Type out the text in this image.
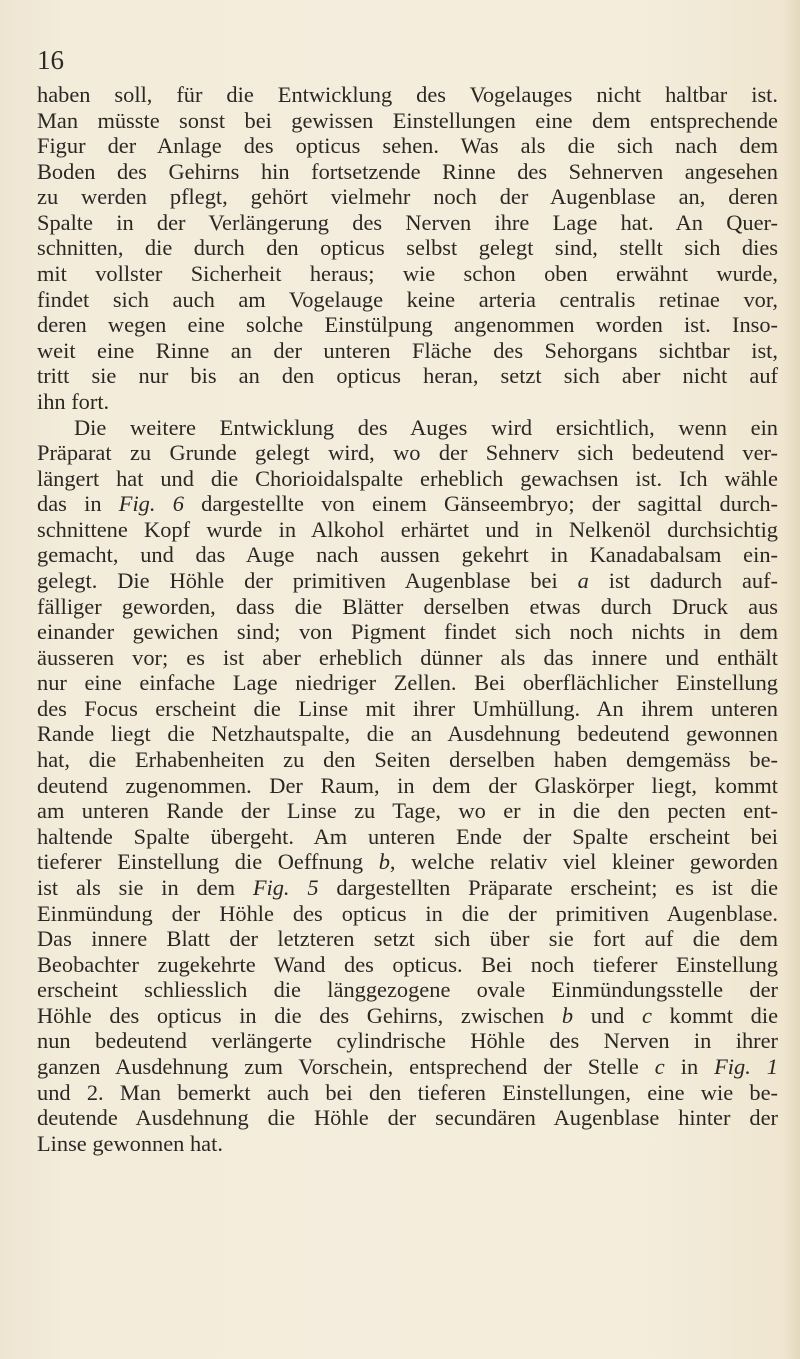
16
haben soll, für die Entwicklung des Vogelauges nicht haltbar ist.
Man müsste sonst bei gewissen Einstellungen eine dem entsprechende
Figur der Anlage des opticus sehen. Was als die sich nach dem
Boden des Gehirns hin fortsetzende Rinne des Sehnerven angesehen
zu werden pflegt, gehört vielmehr noch der Augenblase an, deren
Spalte in der Verlängerung des Nerven ihre Lage hat. An Quer-
schnitten, die durch den opticus selbst gelegt sind, stellt sich dies
mit vollster Sicherheit heraus; wie schon oben erwähnt wurde,
findet sich auch am Vogelauge keine arteria centralis retinae vor,
deren wegen eine solche Einstülpung angenommen worden ist. Inso-
weit eine Rinne an der unteren Fläche des Sehorgans sichtbar ist,
tritt sie nur bis an den opticus heran, setzt sich aber nicht auf
ihn fort.
Die weitere Entwicklung des Auges wird ersichtlich, wenn ein
Präparat zu Grunde gelegt wird, wo der Sehnerv sich bedeutend ver-
längert hat und die Chorioidalspalte erheblich gewachsen ist. Ich wähle
das in Fig. 6 dargestellte von einem Gänseembryo; der sagittal durch-
schnittene Kopf wurde in Alkohol erhärtet und in Nelkenöl durchsichtig
gemacht, und das Auge nach aussen gekehrt in Kanadabalsam ein-
gelegt. Die Höhle der primitiven Augenblase bei a ist dadurch auf-
fälliger geworden, dass die Blätter derselben etwas durch Druck aus
einander gewichen sind; von Pigment findet sich noch nichts in dem
äusseren vor; es ist aber erheblich dünner als das innere und enthält
nur eine einfache Lage niedriger Zellen. Bei oberflächlicher Einstellung
des Focus erscheint die Linse mit ihrer Umhüllung. An ihrem unteren
Rande liegt die Netzhautspalte, die an Ausdehnung bedeutend gewonnen
hat, die Erhabenheiten zu den Seiten derselben haben demgemäss be-
deutend zugenommen. Der Raum, in dem der Glaskörper liegt, kommt
am unteren Rande der Linse zu Tage, wo er in die den pecten ent-
haltende Spalte übergeht. Am unteren Ende der Spalte erscheint bei
tieferer Einstellung die Oeffnung b, welche relativ viel kleiner geworden
ist als sie in dem Fig. 5 dargestellten Präparate erscheint; es ist die
Einmündung der Höhle des opticus in die der primitiven Augenblase.
Das innere Blatt der letzteren setzt sich über sie fort auf die dem
Beobachter zugekehrte Wand des opticus. Bei noch tieferer Einstellung
erscheint schliesslich die länggezogene ovale Einmündungsstelle der
Höhle des opticus in die des Gehirns, zwischen b und c kommt die
nun bedeutend verlängerte cylindrische Höhle des Nerven in ihrer
ganzen Ausdehnung zum Vorschein, entsprechend der Stelle c in Fig. 1
und 2. Man bemerkt auch bei den tieferen Einstellungen, eine wie be-
deutende Ausdehnung die Höhle der secundären Augenblase hinter der
Linse gewonnen hat.
